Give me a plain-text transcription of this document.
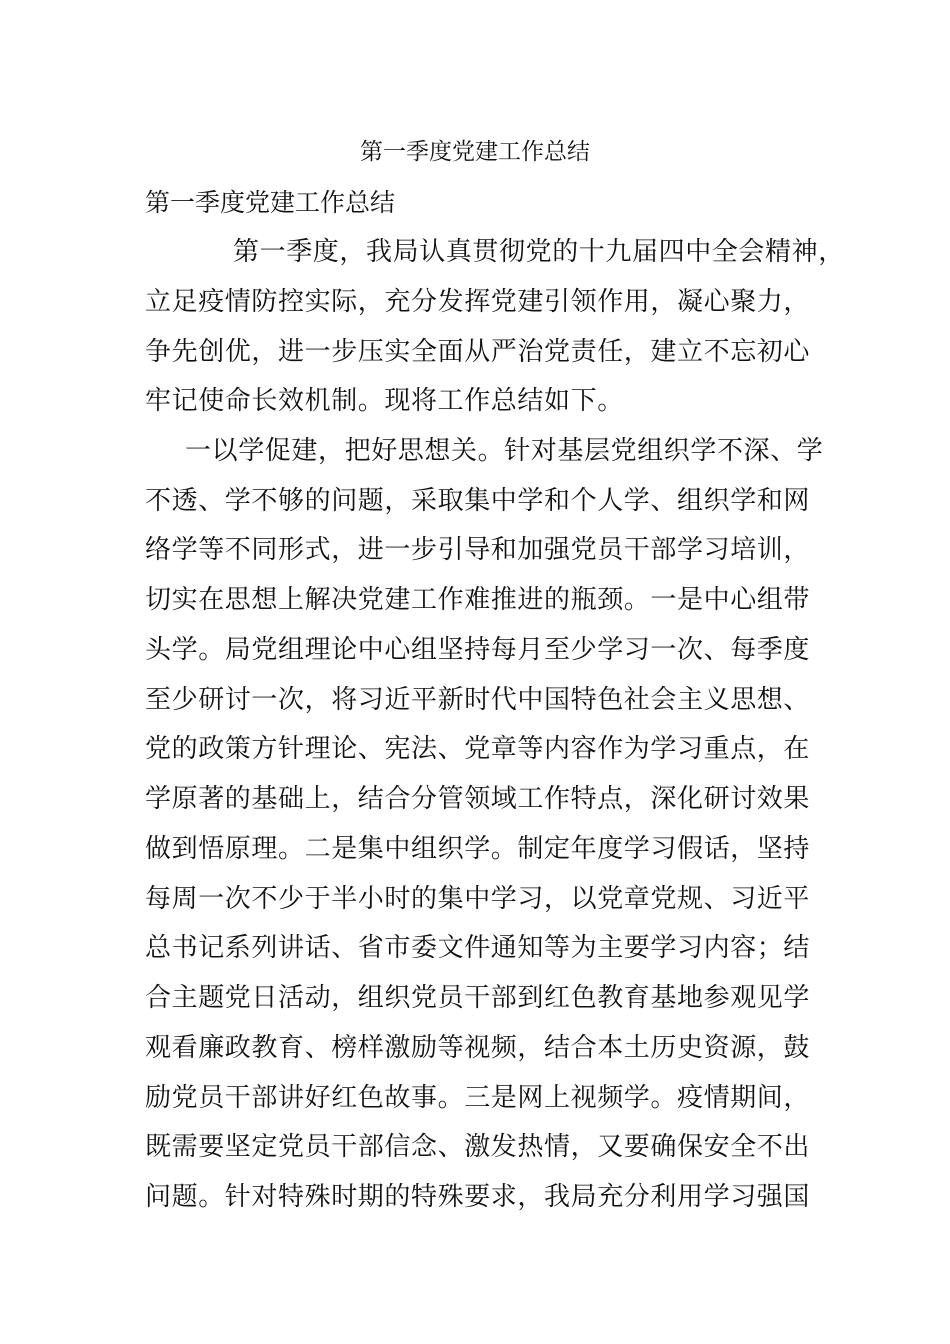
第一季度党建工作总结
第一季度党建工作总结
第一季度，我局认真贯彻党的十九届四中全会精神，
立足疫情防控实际，充分发挥党建引领作用，凝心聚力，
争先创优，进一步压实全面从严治党责任，建立不忘初心
牢记使命长效机制。现将工作总结如下。
一以学促建，把好思想关。针对基层党组织学不深、学
不透、学不够的问题，采取集中学和个人学、组织学和网
络学等不同形式，进一步引导和加强党员干部学习培训，
切实在思想上解决党建工作难推进的瓶颈。一是中心组带
头学。局党组理论中心组坚持每月至少学习一次、每季度
至少研讨一次，将习近平新时代中国特色社会主义思想、
党的政策方针理论、宪法、党章等内容作为学习重点，在
学原著的基础上，结合分管领域工作特点，深化研讨效果
做到悟原理。二是集中组织学。制定年度学习假话，坚持
每周一次不少于半小时的集中学习，以党章党规、习近平
总书记系列讲话、省市委文件通知等为主要学习内容；结
合主题党日活动，组织党员干部到红色教育基地参观见学
观看廉政教育、榜样激励等视频，结合本土历史资源，鼓
励党员干部讲好红色故事。三是网上视频学。疫情期间，
既需要坚定党员干部信念、激发热情，又要确保安全不出
问题。针对特殊时期的特殊要求，我局充分利用学习强国
